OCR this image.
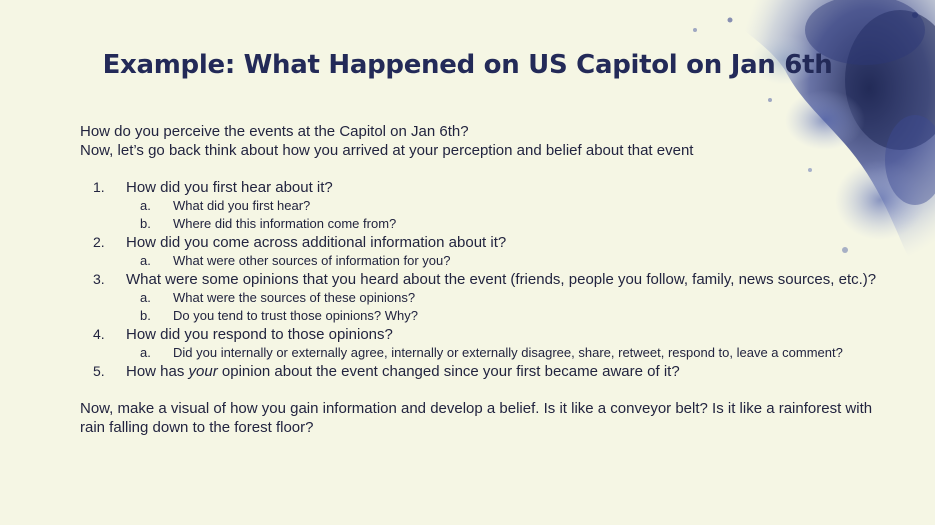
Example: What Happened on US Capitol on Jan 6th

How do you perceive the events at the Capitol on Jan 6th?

Now, let’s go back think about how you arrived at your perception and belief about that event

1. How did you first hear about it?
a. What did you first hear?
b. Where did this information come from?
2. How did you come across additional information about it?
a. What were other sources of information for you?
3. What were some opinions that you heard about the event (friends, people you follow, family, news sources, etc.)?
a. What were the sources of these opinions?
b. Do you tend to trust those opinions? Why?
4. How did you respond to those opinions?
a. Did you internally or externally agree, internally or externally disagree, share, retweet, respond to, leave a comment?
5. How has your opinion about the event changed since your first became aware of it?

Now, make a visual of how you gain information and develop a belief. Is it like a conveyor belt? Is it like a rainforest with rain falling down to the forest floor?
